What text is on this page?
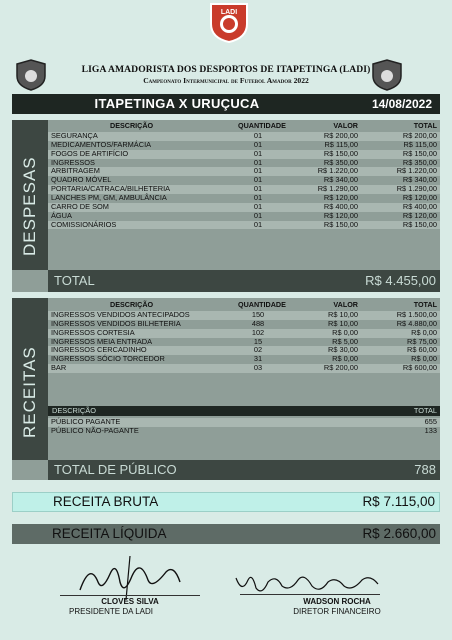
LADI
LIGA AMADORISTA DOS DESPORTOS DE ITAPETINGA (LADI)
Campeonato Intermunicipal de Futebol Amador 2022
ITAPETINGA X URUÇUCA	14/08/2022
DESPESAS
DESCRIÇÃO	QUANTIDADE	VALOR	TOTAL
SEGURANÇA	01	R$ 200,00	R$ 200,00
MEDICAMENTOS/FARMÁCIA	01	R$ 115,00	R$ 115,00
FOGOS DE ARTIFÍCIO	01	R$ 150,00	R$ 150,00
INGRESSOS	01	R$ 350,00	R$ 350,00
ARBITRAGEM	01	R$ 1.220,00	R$ 1.220,00
QUADRO MÓVEL	01	R$ 340,00	R$ 340,00
PORTARIA/CATRACA/BILHETERIA	01	R$ 1.290,00	R$ 1.290,00
LANCHES PM, GM, AMBULÂNCIA	01	R$ 120,00	R$ 120,00
CARRO DE SOM	01	R$ 400,00	R$ 400,00
ÁGUA	01	R$ 120,00	R$ 120,00
COMISSIONÁRIOS	01	R$ 150,00	R$ 150,00
TOTAL	R$ 4.455,00
RECEITAS
DESCRIÇÃO	QUANTIDADE	VALOR	TOTAL
INGRESSOS VENDIDOS ANTECIPADOS	150	R$ 10,00	R$ 1.500,00
INGRESSOS VENDIDOS BILHETERIA	488	R$ 10,00	R$ 4.880,00
INGRESSOS CORTESIA	102	R$ 0,00	R$ 0,00
INGRESSOS MEIA ENTRADA	15	R$ 5,00	R$ 75,00
INGRESSOS CERCADINHO	02	R$ 30,00	R$ 60,00
INGRESSOS SÓCIO TORCEDOR	31	R$ 0,00	R$ 0,00
BAR	03	R$ 200,00	R$ 600,00
DESCRIÇÃO	TOTAL
PÚBLICO PAGANTE	655
PÚBLICO NÃO-PAGANTE	133
TOTAL DE PÚBLICO	788
RECEITA BRUTA	R$ 7.115,00
RECEITA LÍQUIDA	R$ 2.660,00
CLOVES SILVA
PRESIDENTE DA LADI
WADSON ROCHA
DIRETOR FINANCEIRO
